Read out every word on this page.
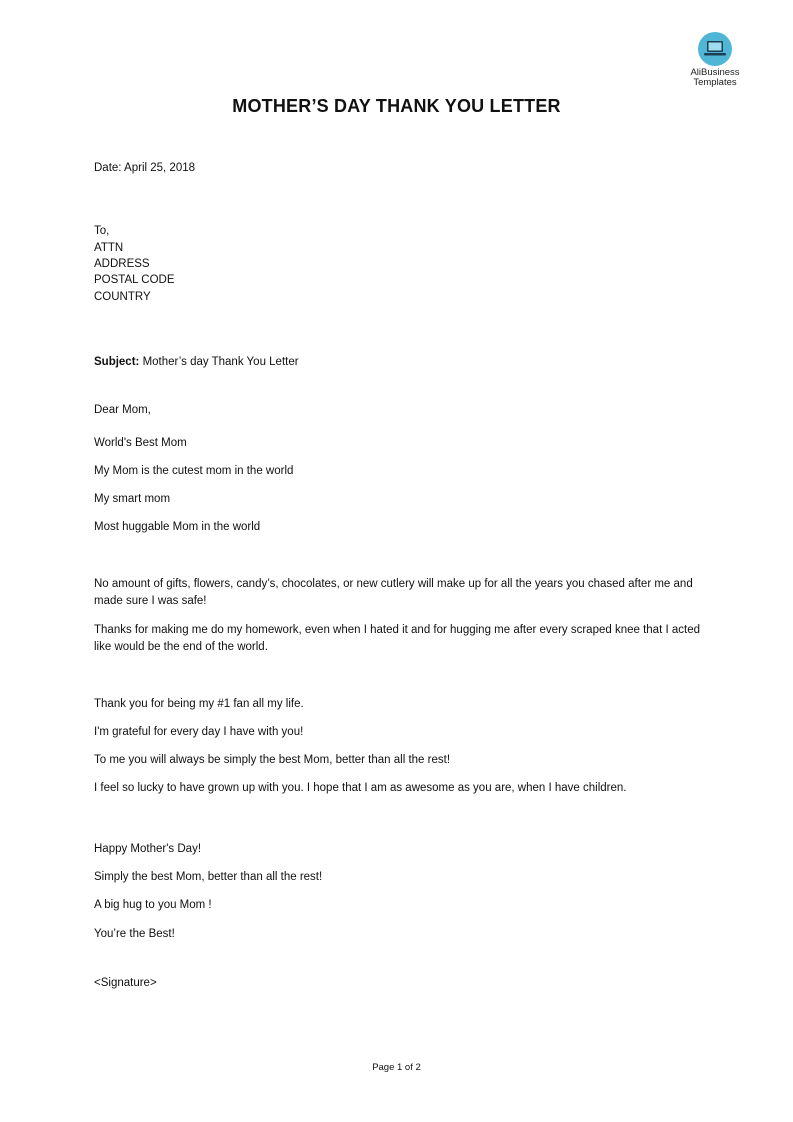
AliBusiness
Templates
MOTHER’S DAY THANK YOU LETTER
Date: April 25, 2018
To,
ATTN
ADDRESS
POSTAL CODE
COUNTRY
Subject: Mother’s day Thank You Letter
Dear Mom,
World's Best Mom
My Mom is the cutest mom in the world
My smart mom
Most huggable Mom in the world
No amount of gifts, flowers, candy’s, chocolates, or new cutlery will make up for all the years you chased after me and made sure I was safe!
Thanks for making me do my homework, even when I hated it and for hugging me after every scraped knee that I acted like would be the end of the world.
Thank you for being my #1 fan all my life.
I'm grateful for every day I have with you!
To me you will always be simply the best Mom, better than all the rest!
I feel so lucky to have grown up with you. I hope that I am as awesome as you are, when I have children.
Happy Mother's Day!
Simply the best Mom, better than all the rest!
A big hug to you Mom !
You’re the Best!
<Signature>
Page 1 of 2
